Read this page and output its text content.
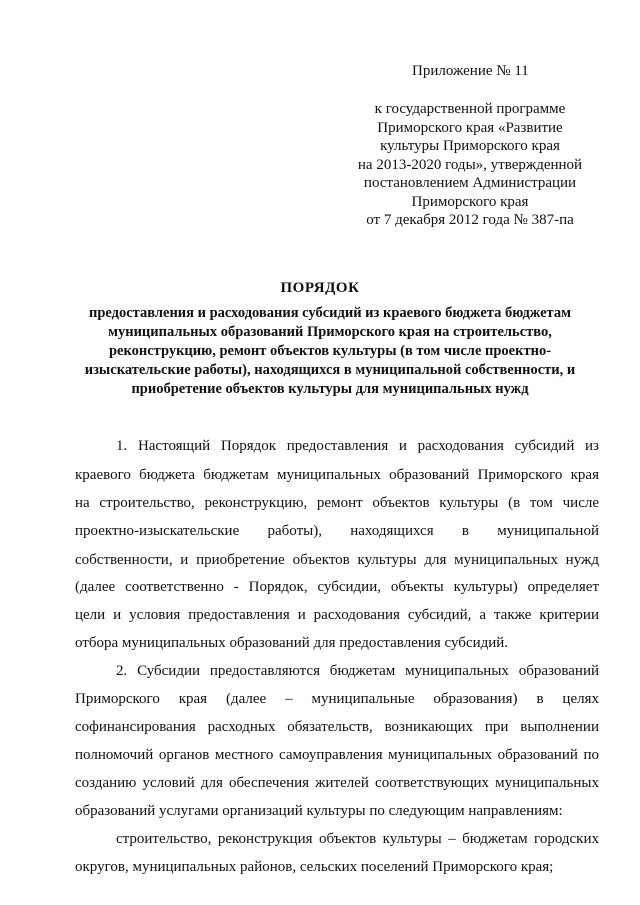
Приложение № 11
к государственной программе
Приморского края «Развитие
культуры Приморского края
на 2013-2020 годы», утвержденной
постановлением Администрации
Приморского края
от 7 декабря 2012 года № 387-па
ПОРЯДОК
предоставления и расходования субсидий из краевого бюджета бюджетам
муниципальных образований Приморского края на строительство,
реконструкцию, ремонт объектов культуры (в том числе проектно-
изыскательские работы), находящихся в муниципальной собственности, и
приобретение объектов культуры для муниципальных нужд
1. Настоящий Порядок предоставления и расходования субсидий из
краевого бюджета бюджетам муниципальных образований Приморского края
на строительство, реконструкцию, ремонт объектов культуры (в том числе
проектно-изыскательские работы), находящихся в муниципальной
собственности, и приобретение объектов культуры для муниципальных нужд
(далее соответственно - Порядок, субсидии, объекты культуры) определяет
цели и условия предоставления и расходования субсидий, а также критерии
отбора муниципальных образований для предоставления субсидий.
2. Субсидии предоставляются бюджетам муниципальных образований
Приморского края (далее – муниципальные образования) в целях
софинансирования расходных обязательств, возникающих при выполнении
полномочий органов местного самоуправления муниципальных образований по
созданию условий для обеспечения жителей соответствующих муниципальных
образований услугами организаций культуры по следующим направлениям:
строительство, реконструкция объектов культуры – бюджетам городских
округов, муниципальных районов, сельских поселений Приморского края;
